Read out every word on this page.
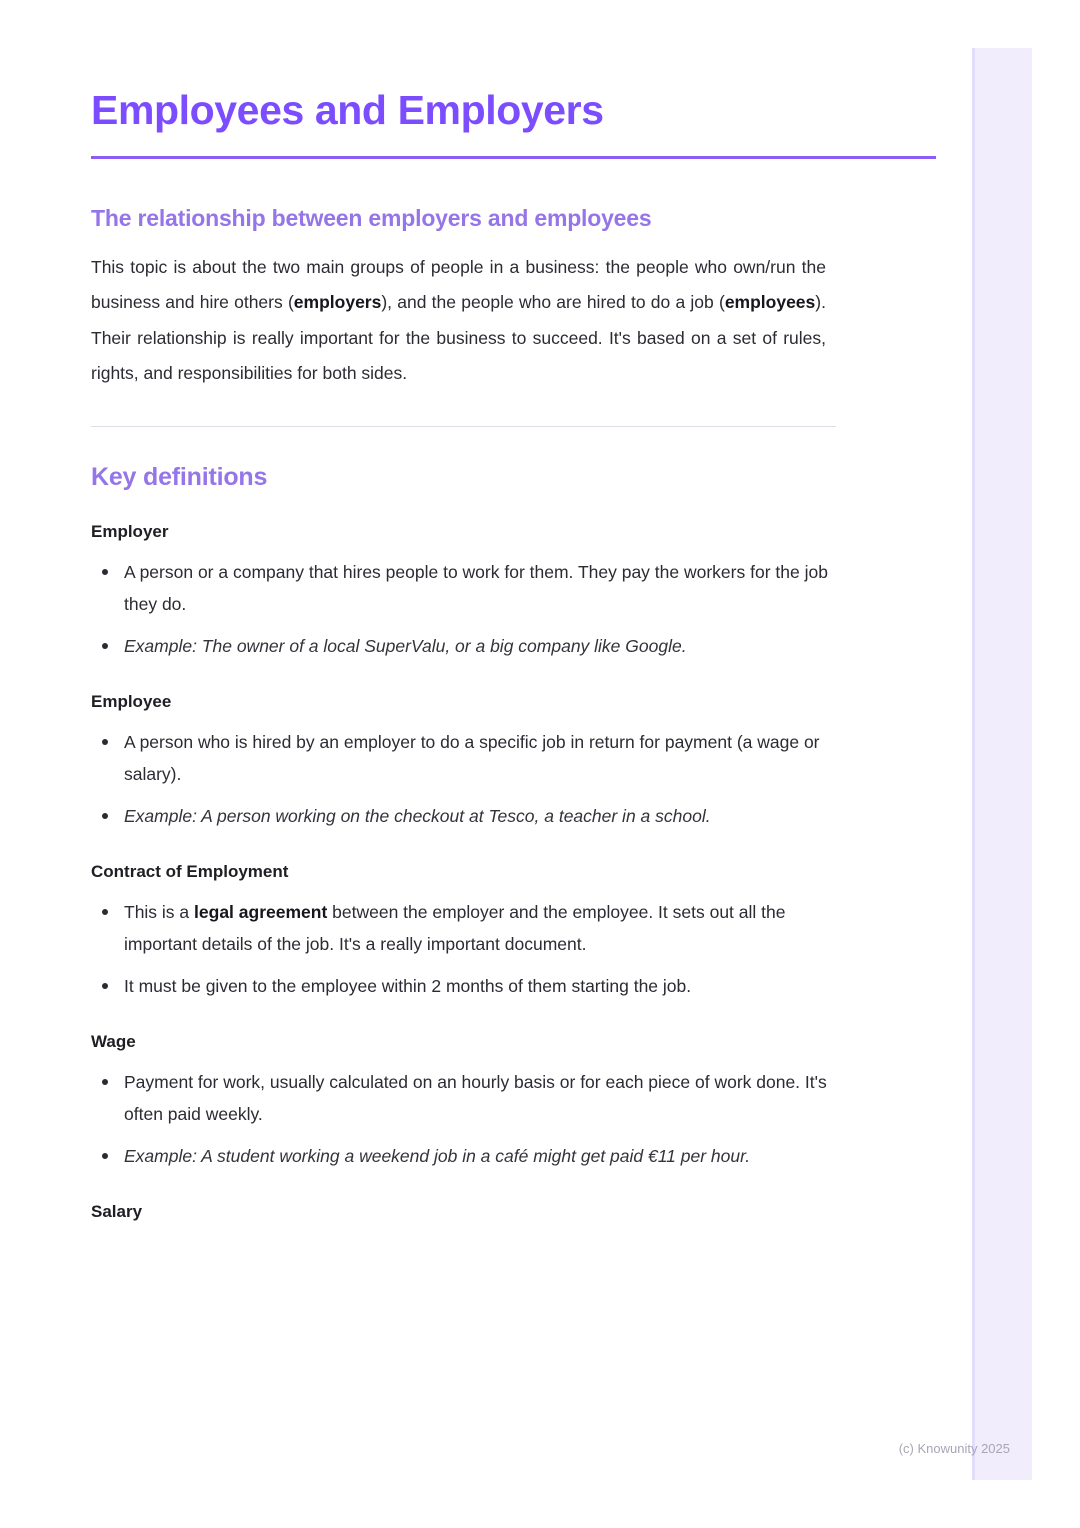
Employees and Employers
The relationship between employers and employees

This topic is about the two main groups of people in a business: the people who own/run the business and hire others (employers), and the people who are hired to do a job (employees). Their relationship is really important for the business to succeed. It's based on a set of rules, rights, and responsibilities for both sides.

Key definitions
Employer
A person or a company that hires people to work for them. They pay the workers for the job they do.
Example: The owner of a local SuperValu, or a big company like Google.
Employee
A person who is hired by an employer to do a specific job in return for payment (a wage or salary).
Example: A person working on the checkout at Tesco, a teacher in a school.
Contract of Employment
This is a legal agreement between the employer and the employee. It sets out all the important details of the job. It's a really important document.
It must be given to the employee within 2 months of them starting the job.
Wage
Payment for work, usually calculated on an hourly basis or for each piece of work done. It's often paid weekly.
Example: A student working a weekend job in a café might get paid €11 per hour.
Salary
(c) Knowunity 2025
